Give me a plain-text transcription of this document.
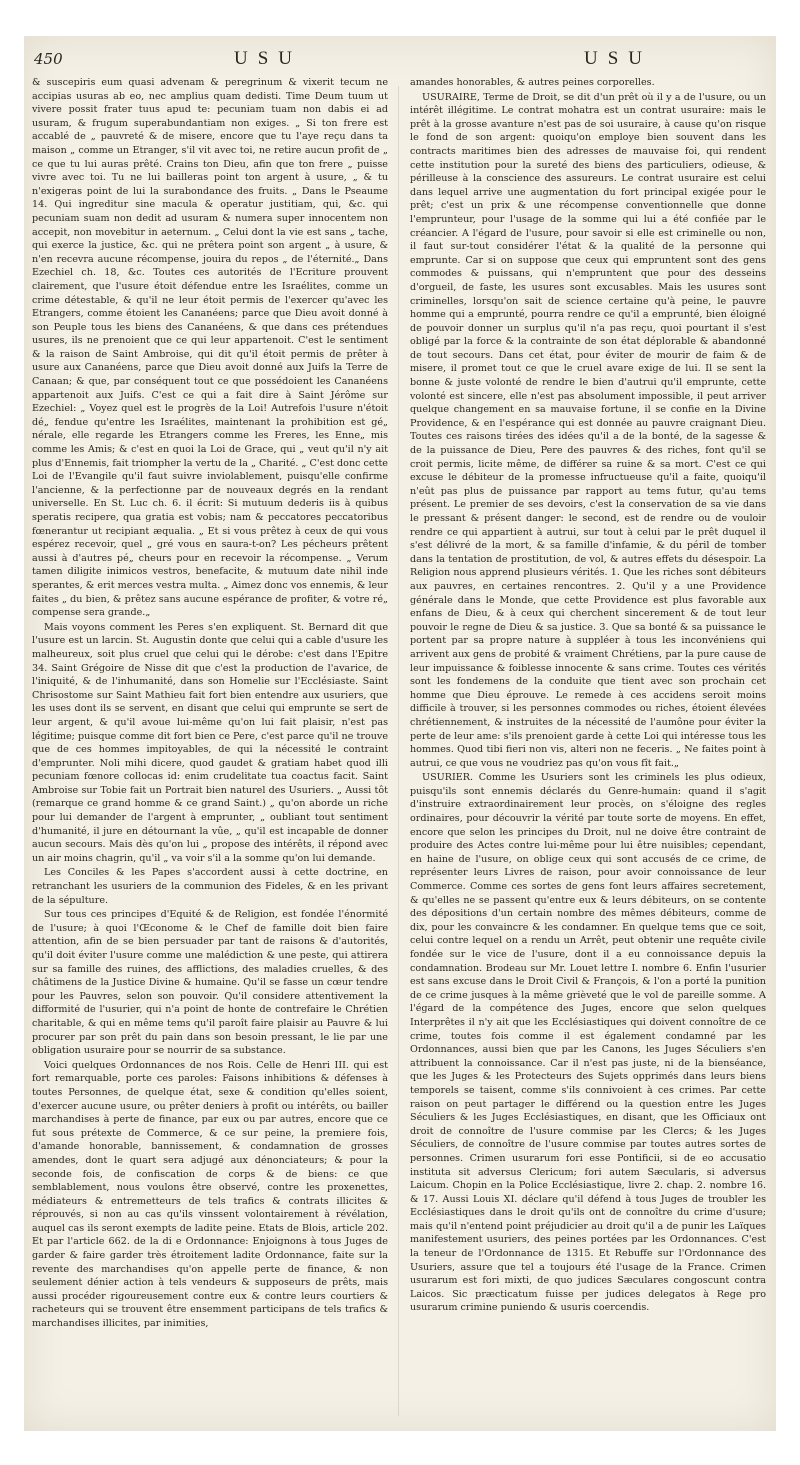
450	USU	USU

& suscepiris eum quasi advenam & peregrinum & vixerit tecum ne accipias usuras ab eo, nec amplius quam dedisti. Time Deum tuum ut vivere possit frater tuus apud te: pecuniam tuam non dabis ei ad usuram, & frugum superabundantiam non exiges. „ Si ton frere est accablé de „ pauvreté & de misere, encore que tu l'aye reçu dans ta maison „ comme un Etranger, s'il vit avec toi, ne retire aucun profit de „ ce que tu lui auras prêté. Crains ton Dieu, afin que ton frere „ puisse vivre avec toi. Tu ne lui bailleras point ton argent à usure, „ & tu n'exigeras point de lui la surabondance des fruits. „ Dans le Pseaume 14. Qui ingreditur sine macula & operatur justitiam, qui, &c. qui pecuniam suam non dedit ad usuram & numera super innocentem non accepit, non movebitur in aeternum. „ Celui dont la vie est sans „ tache, qui exerce la justice, &c. qui ne prêtera point son argent „ à usure, & n'en recevra aucune récompense, jouira du repos „ de l'éternité.„ Dans Ezechiel ch. 18, &c. Toutes ces autorités de l'Ecriture prouvent clairement, que l'usure étoit défendue entre les Israélites, comme un crime détestable, & qu'il ne leur étoit permis de l'exercer qu'avec les Etrangers, comme étoient les Cananéens; parce que Dieu avoit donné à son Peuple tous les biens des Cananéens, & que dans ces prétendues usures, ils ne prenoient que ce qui leur appartenoit. C'est le sentiment & la raison de Saint Ambroise, qui dit qu'il étoit permis de prêter à usure aux Cananéens, parce que Dieu avoit donné aux Juifs la Terre de Canaan; & que, par conséquent tout ce que possédoient les Cananéens appartenoit aux Juifs. C'est ce qui a fait dire à Saint Jérôme sur Ezechiel: „ Voyez quel est le progrès de la Loi! Autrefois l'usure n'étoit dé„ fendue qu'entre les Israélites, maintenant la prohibition est gé„ nérale, elle regarde les Etrangers comme les Freres, les Enne„ mis comme les Amis; & c'est en quoi la Loi de Grace, qui „ veut qu'il n'y ait plus d'Ennemis, fait triompher la vertu de la „ Charité. „ C'est donc cette Loi de l'Evangile qu'il faut suivre inviolablement, puisqu'elle confirme l'ancienne, & la perfectionne par de nouveaux degrés en la rendant universelle. En St. Luc ch. 6. il écrit: Si mutuum dederis iis à quibus speratis recipere, qua gratia est vobis; nam & peccatores peccatoribus fœnerantur ut recipiant æqualia. „ Et si vous prêtez à ceux de qui vous espérez recevoir, quel „ gré vous en saura-t-on? Les pécheurs prêtent aussi à d'autres pé„ cheurs pour en recevoir la récompense. „ Verum tamen diligite inimicos vestros, benefacite, & mutuum date nihil inde sperantes, & erit merces vestra multa. „ Aimez donc vos ennemis, & leur faites „ du bien, & prêtez sans aucune espérance de profiter, & votre ré„ compense sera grande.„

Mais voyons comment les Peres s'en expliquent. St. Bernard dit que l'usure est un larcin. St. Augustin donte que celui qui a cable d'usure les malheureux, soit plus cruel que celui qui le dérobe: c'est dans l'Epitre 34. Saint Grégoire de Nisse dit que c'est la production de l'avarice, de l'iniquité, & de l'inhumanité, dans son Homelie sur l'Ecclésiaste. Saint Chrisostome sur Saint Mathieu fait fort bien entendre aux usuriers, que les uses dont ils se servent, en disant que celui qui emprunte se sert de leur argent, & qu'il avoue lui-même qu'on lui fait plaisir, n'est pas légitime; puisque comme dit fort bien ce Pere, c'est parce qu'il ne trouve que de ces hommes impitoyables, de qui la nécessité le contraint d'emprunter. Noli mihi dicere, quod gaudet & gratiam habet quod illi pecuniam fœnore collocas id: enim crudelitate tua coactus facit. Saint Ambroise sur Tobie fait un Portrait bien naturel des Usuriers. „ Aussi tôt (remarque ce grand homme & ce grand Saint.) „ qu'on aborde un riche pour lui demander de l'argent à emprunter, „ oubliant tout sentiment d'humanité, il jure en détournant la vûe, „ qu'il est incapable de donner aucun secours. Mais dès qu'on lui „ propose des intérêts, il répond avec un air moins chagrin, qu'il „ va voir s'il a la somme qu'on lui demande.

Les Conciles & les Papes s'accordent aussi à cette doctrine, en retranchant les usuriers de la communion des Fideles, & en les privant de la sépulture.

Sur tous ces principes d'Equité & de Religion, est fondée l'énormité de l'usure; à quoi l'Œconome & le Chef de famille doit bien faire attention, afin de se bien persuader par tant de raisons & d'autorités, qu'il doit éviter l'usure comme une malédiction & une peste, qui attirera sur sa famille des ruines, des afflictions, des maladies cruelles, & des châtimens de la Justice Divine & humaine. Qu'il se fasse un cœur tendre pour les Pauvres, selon son pouvoir. Qu'il considere attentivement la difformité de l'usurier, qui n'a point de honte de contrefaire le Chrétien charitable, & qui en même tems qu'il paroît faire plaisir au Pauvre & lui procurer par son prêt du pain dans son besoin pressant, le lie par une obligation usuraire pour se nourrir de sa substance.

Voici quelques Ordonnances de nos Rois. Celle de Henri III. qui est fort remarquable, porte ces paroles: Faisons inhibitions & défenses à toutes Personnes, de quelque état, sexe & condition qu'elles soient, d'exercer aucune usure, ou prêter deniers à profit ou intérêts, ou bailler marchandises à perte de finance, par eux ou par autres, encore que ce fut sous prétexte de Commerce, & ce sur peine, la premiere fois, d'amande honorable, bannissement, & condamnation de grosses amendes, dont le quart sera adjugé aux dénonciateurs; & pour la seconde fois, de confiscation de corps & de biens: ce que semblablement, nous voulons être observé, contre les proxenettes, médiateurs & entremetteurs de tels trafics & contrats illicites & réprouvés, si non au cas qu'ils vinssent volontairement à révélation, auquel cas ils seront exempts de ladite peine. Etats de Blois, article 202. Et par l'article 662. de la di e Ordonnance: Enjoignons à tous Juges de garder & faire garder très étroitement ladite Ordonnance, faite sur la revente des marchandises qu'on appelle perte de finance, & non seulement dénier action à tels vendeurs & supposeurs de prêts, mais aussi procéder rigoureusement contre eux & contre leurs courtiers & racheteurs qui se trouvent être ensemment participans de tels trafics & marchandises illicites, par inimities,

amandes honorables, & autres peines corporelles.

USURAIRE, Terme de Droit, se dit d'un prêt où il y a de l'usure, ou un intérêt illégitime. Le contrat mohatra est un contrat usuraire: mais le prêt à la grosse avanture n'est pas de soi usuraire, à cause qu'on risque le fond de son argent: quoiqu'on employe bien souvent dans les contracts maritimes bien des adresses de mauvaise foi, qui rendent cette institution pour la sureté des biens des particuliers, odieuse, & périlleuse à la conscience des assureurs. Le contrat usuraire est celui dans lequel arrive une augmentation du fort principal exigée pour le prêt; c'est un prix & une récompense conventionnelle que donne l'emprunteur, pour l'usage de la somme qui lui a été confiée par le créancier. A l'égard de l'usure, pour savoir si elle est criminelle ou non, il faut sur-tout considérer l'état & la qualité de la personne qui emprunte. Car si on suppose que ceux qui empruntent sont des gens commodes & puissans, qui n'empruntent que pour des desseins d'orgueil, de faste, les usures sont excusables. Mais les usures sont criminelles, lorsqu'on sait de science certaine qu'à peine, le pauvre homme qui a emprunté, pourra rendre ce qu'il a emprunté, bien éloigné de pouvoir donner un surplus qu'il n'a pas reçu, quoi pourtant il s'est obligé par la force & la contrainte de son état déplorable & abandonné de tout secours. Dans cet état, pour éviter de mourir de faim & de misere, il promet tout ce que le cruel avare exige de lui. Il se sent la bonne & juste volonté de rendre le bien d'autrui qu'il emprunte, cette volonté est sincere, elle n'est pas absolument impossible, il peut arriver quelque changement en sa mauvaise fortune, il se confie en la Divine Providence, & en l'espérance qui est donnée au pauvre craignant Dieu. Toutes ces raisons tirées des idées qu'il a de la bonté, de la sagesse & de la puissance de Dieu, Pere des pauvres & des riches, font qu'il se croit permis, licite même, de différer sa ruine & sa mort. C'est ce qui excuse le débiteur de la promesse infructueuse qu'il a faite, quoiqu'il n'eût pas plus de puissance par rapport au tems futur, qu'au tems présent. Le premier de ses devoirs, c'est la conservation de sa vie dans le pressant & présent danger: le second, est de rendre ou de vouloir rendre ce qui appartient à autrui, sur tout à celui par le prêt duquel il s'est délivré de la mort, & sa famille d'infamie, & du péril de tomber dans la tentation de prostitution, de vol, & autres effets du désespoir. La Religion nous apprend plusieurs vérités. 1. Que les riches sont débiteurs aux pauvres, en certaines rencontres. 2. Qu'il y a une Providence générale dans le Monde, que cette Providence est plus favorable aux enfans de Dieu, & à ceux qui cherchent sincerement & de tout leur pouvoir le regne de Dieu & sa justice. 3. Que sa bonté & sa puissance le portent par sa propre nature à suppléer à tous les inconvéniens qui arrivent aux gens de probité & vraiment Chrétiens, par la pure cause de leur impuissance & foiblesse innocente & sans crime. Toutes ces vérités sont les fondemens de la conduite que tient avec son prochain cet homme que Dieu éprouve. Le remede à ces accidens seroit moins difficile à trouver, si les personnes commodes ou riches, étoient élevées chrétiennement, & instruites de la nécessité de l'aumône pour éviter la perte de leur ame: s'ils prenoient garde à cette Loi qui intéresse tous les hommes. Quod tibi fieri non vis, alteri non ne feceris. „ Ne faites point à autrui, ce que vous ne voudriez pas qu'on vous fît fait.„

USURIER. Comme les Usuriers sont les criminels les plus odieux, puisqu'ils sont ennemis déclarés du Genre-humain: quand il s'agit d'instruire extraordinairement leur procès, on s'éloigne des regles ordinaires, pour découvrir la vérité par toute sorte de moyens. En effet, encore que selon les principes du Droit, nul ne doive être contraint de produire des Actes contre lui-même pour lui être nuisibles; cependant, en haine de l'usure, on oblige ceux qui sont accusés de ce crime, de représenter leurs Livres de raison, pour avoir connoissance de leur Commerce. Comme ces sortes de gens font leurs affaires secretement, & qu'elles ne se passent qu'entre eux & leurs débiteurs, on se contente des dépositions d'un certain nombre des mêmes débiteurs, comme de dix, pour les convaincre & les condamner. En quelque tems que ce soit, celui contre lequel on a rendu un Arrêt, peut obtenir une requête civile fondée sur le vice de l'usure, dont il a eu connoissance depuis la condamnation. Brodeau sur Mr. Louet lettre I. nombre 6. Enfin l'usurier est sans excuse dans le Droit Civil & François, & l'on a porté la punition de ce crime jusques à la même grièveté que le vol de pareille somme. A l'égard de la compétence des Juges, encore que selon quelques Interprêtes il n'y ait que les Ecclésiastiques qui doivent connoître de ce crime, toutes fois comme il est également condamné par les Ordonnances, aussi bien que par les Canons, les Juges Séculiers s'en attribuent la connoissance. Car il n'est pas juste, ni de la bienséance, que les Juges & les Protecteurs des Sujets opprimés dans leurs biens temporels se taisent, comme s'ils connivoient à ces crimes. Par cette raison on peut partager le différend ou la question entre les Juges Séculiers & les Juges Ecclésiastiques, en disant, que les Officiaux ont droit de connoître de l'usure commise par les Clercs; & les Juges Séculiers, de connoître de l'usure commise par toutes autres sortes de personnes. Crimen usurarum fori esse Pontificii, si de eo accusatio instituta sit adversus Clericum; fori autem Sæcularis, si adversus Laicum. Chopin en la Police Ecclésiastique, livre 2. chap. 2. nombre 16. & 17. Aussi Louis XI. déclare qu'il défend à tous Juges de troubler les Ecclésiastiques dans le droit qu'ils ont de connoître du crime d'usure; mais qu'il n'entend point préjudicier au droit qu'il a de punir les Laïques manifestement usuriers, des peines portées par les Ordonnances. C'est la teneur de l'Ordonnance de 1315. Et Rebuffe sur l'Ordonnance des Usuriers, assure que tel a toujours été l'usage de la France. Crimen usurarum est fori mixti, de quo judices Sæculares congoscunt contra Laicos. Sic præcticatum fuisse per judices delegatos à Rege pro usurarum crimine puniendo & usuris coercendis.
